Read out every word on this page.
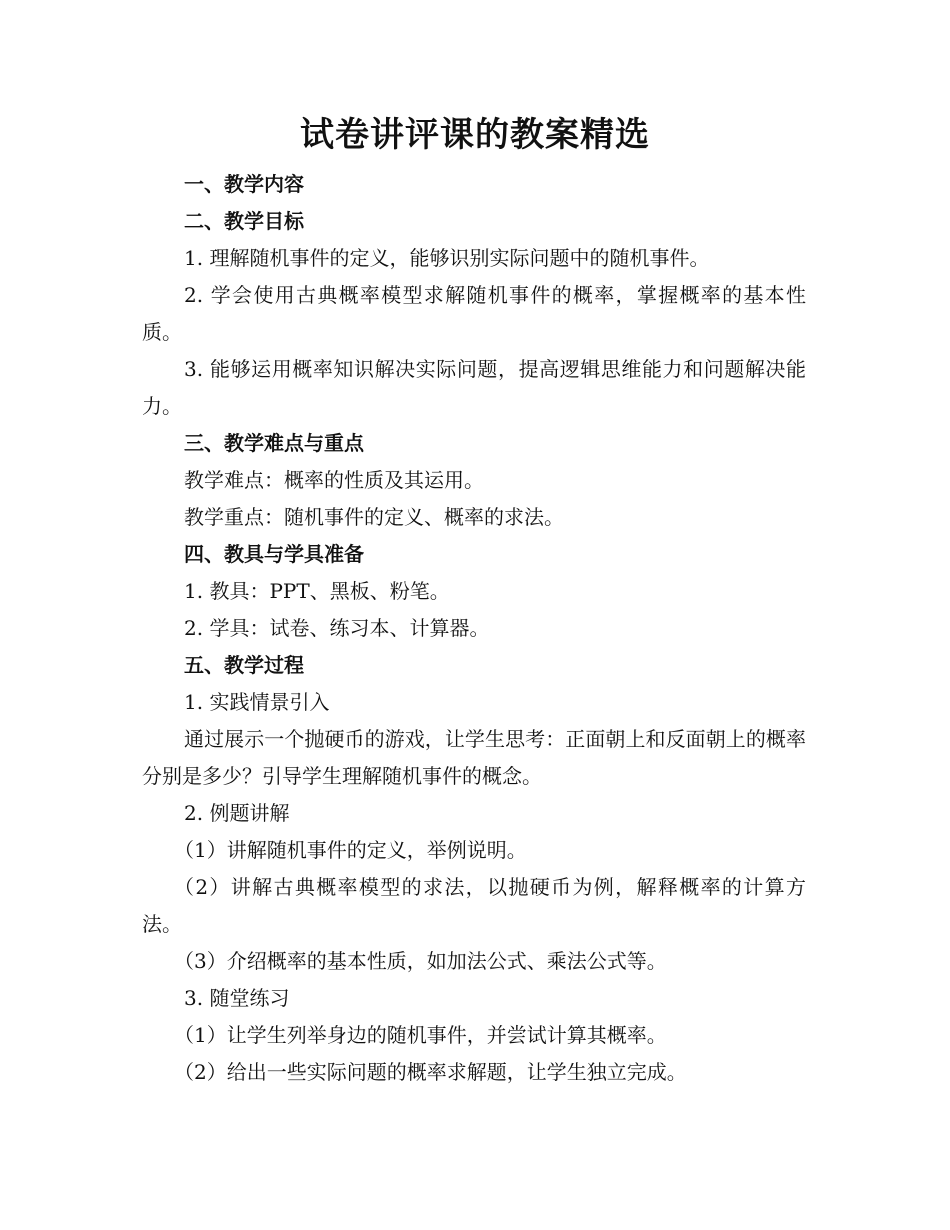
试卷讲评课的教案精选

一、教学内容

二、教学目标

1. 理解随机事件的定义，能够识别实际问题中的随机事件。

2. 学会使用古典概率模型求解随机事件的概率，掌握概率的基本性质。

3. 能够运用概率知识解决实际问题，提高逻辑思维能力和问题解决能力。

三、教学难点与重点

教学难点：概率的性质及其运用。

教学重点：随机事件的定义、概率的求法。

四、教具与学具准备

1. 教具：PPT、黑板、粉笔。

2. 学具：试卷、练习本、计算器。

五、教学过程

1. 实践情景引入

通过展示一个抛硬币的游戏，让学生思考：正面朝上和反面朝上的概率分别是多少？引导学生理解随机事件的概念。

2. 例题讲解

（1）讲解随机事件的定义，举例说明。

（2）讲解古典概率模型的求法，以抛硬币为例，解释概率的计算方法。

（3）介绍概率的基本性质，如加法公式、乘法公式等。

3. 随堂练习

（1）让学生列举身边的随机事件，并尝试计算其概率。

（2）给出一些实际问题的概率求解题，让学生独立完成。
